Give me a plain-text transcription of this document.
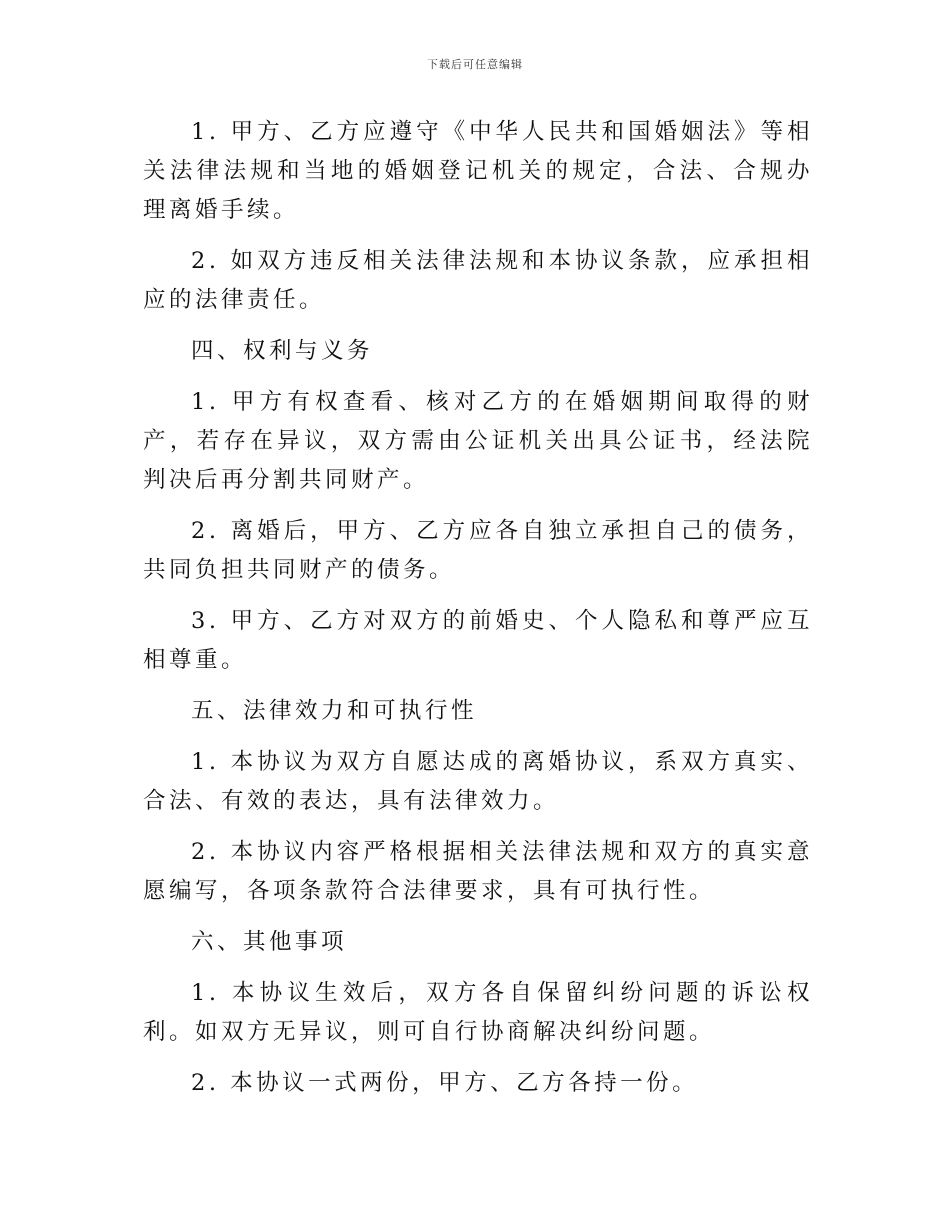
下载后可任意编辑

1. 甲方、乙方应遵守《中华人民共和国婚姻法》等相关法律法规和当地的婚姻登记机关的规定，合法、合规办理离婚手续。

2. 如双方违反相关法律法规和本协议条款，应承担相应的法律责任。

四、权利与义务

1. 甲方有权查看、核对乙方的在婚姻期间取得的财产，若存在异议，双方需由公证机关出具公证书，经法院判决后再分割共同财产。

2. 离婚后，甲方、乙方应各自独立承担自己的债务，共同负担共同财产的债务。

3. 甲方、乙方对双方的前婚史、个人隐私和尊严应互相尊重。

五、法律效力和可执行性

1. 本协议为双方自愿达成的离婚协议，系双方真实、合法、有效的表达，具有法律效力。

2. 本协议内容严格根据相关法律法规和双方的真实意愿编写，各项条款符合法律要求，具有可执行性。

六、其他事项

1. 本协议生效后，双方各自保留纠纷问题的诉讼权利。如双方无异议，则可自行协商解决纠纷问题。

2. 本协议一式两份，甲方、乙方各持一份。
